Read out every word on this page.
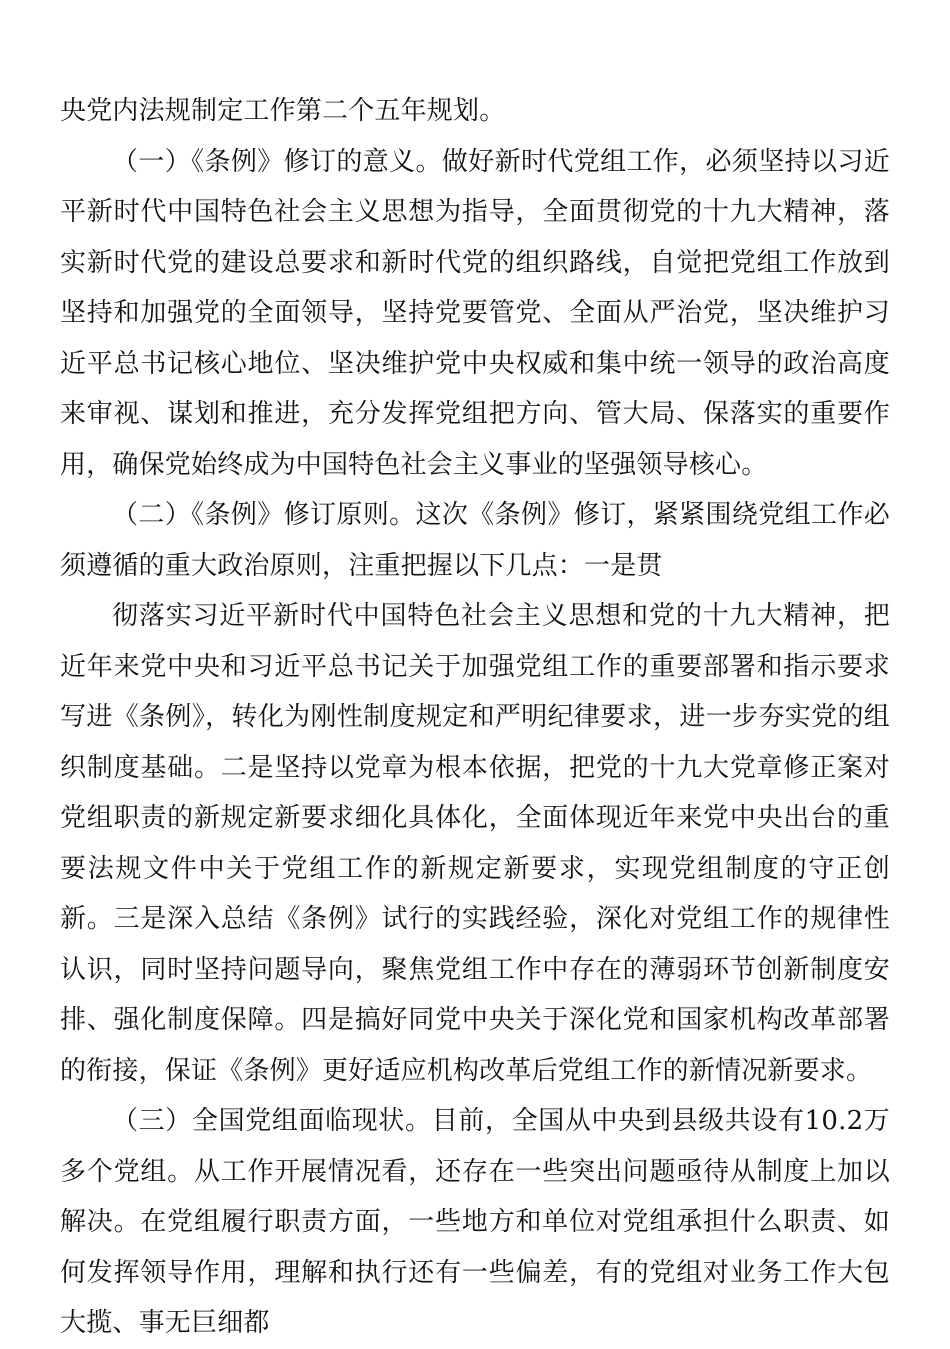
央党内法规制定工作第二个五年规划。

（一）《条例》修订的意义。做好新时代党组工作，必须坚持以习近平新时代中国特色社会主义思想为指导，全面贯彻党的十九大精神，落实新时代党的建设总要求和新时代党的组织路线，自觉把党组工作放到坚持和加强党的全面领导，坚持党要管党、全面从严治党，坚决维护习近平总书记核心地位、坚决维护党中央权威和集中统一领导的政治高度来审视、谋划和推进，充分发挥党组把方向、管大局、保落实的重要作用，确保党始终成为中国特色社会主义事业的坚强领导核心。

（二）《条例》修订原则。这次《条例》修订，紧紧围绕党组工作必须遵循的重大政治原则，注重把握以下几点：一是贯

彻落实习近平新时代中国特色社会主义思想和党的十九大精神，把近年来党中央和习近平总书记关于加强党组工作的重要部署和指示要求写进《条例》，转化为刚性制度规定和严明纪律要求，进一步夯实党的组织制度基础。二是坚持以党章为根本依据，把党的十九大党章修正案对党组职责的新规定新要求细化具体化，全面体现近年来党中央出台的重要法规文件中关于党组工作的新规定新要求，实现党组制度的守正创新。三是深入总结《条例》试行的实践经验，深化对党组工作的规律性认识，同时坚持问题导向，聚焦党组工作中存在的薄弱环节创新制度安排、强化制度保障。四是搞好同党中央关于深化党和国家机构改革部署的衔接，保证《条例》更好适应机构改革后党组工作的新情况新要求。

（三）全国党组面临现状。目前，全国从中央到县级共设有10.2万多个党组。从工作开展情况看，还存在一些突出问题亟待从制度上加以解决。在党组履行职责方面，一些地方和单位对党组承担什么职责、如何发挥领导作用，理解和执行还有一些偏差，有的党组对业务工作大包大揽、事无巨细都
